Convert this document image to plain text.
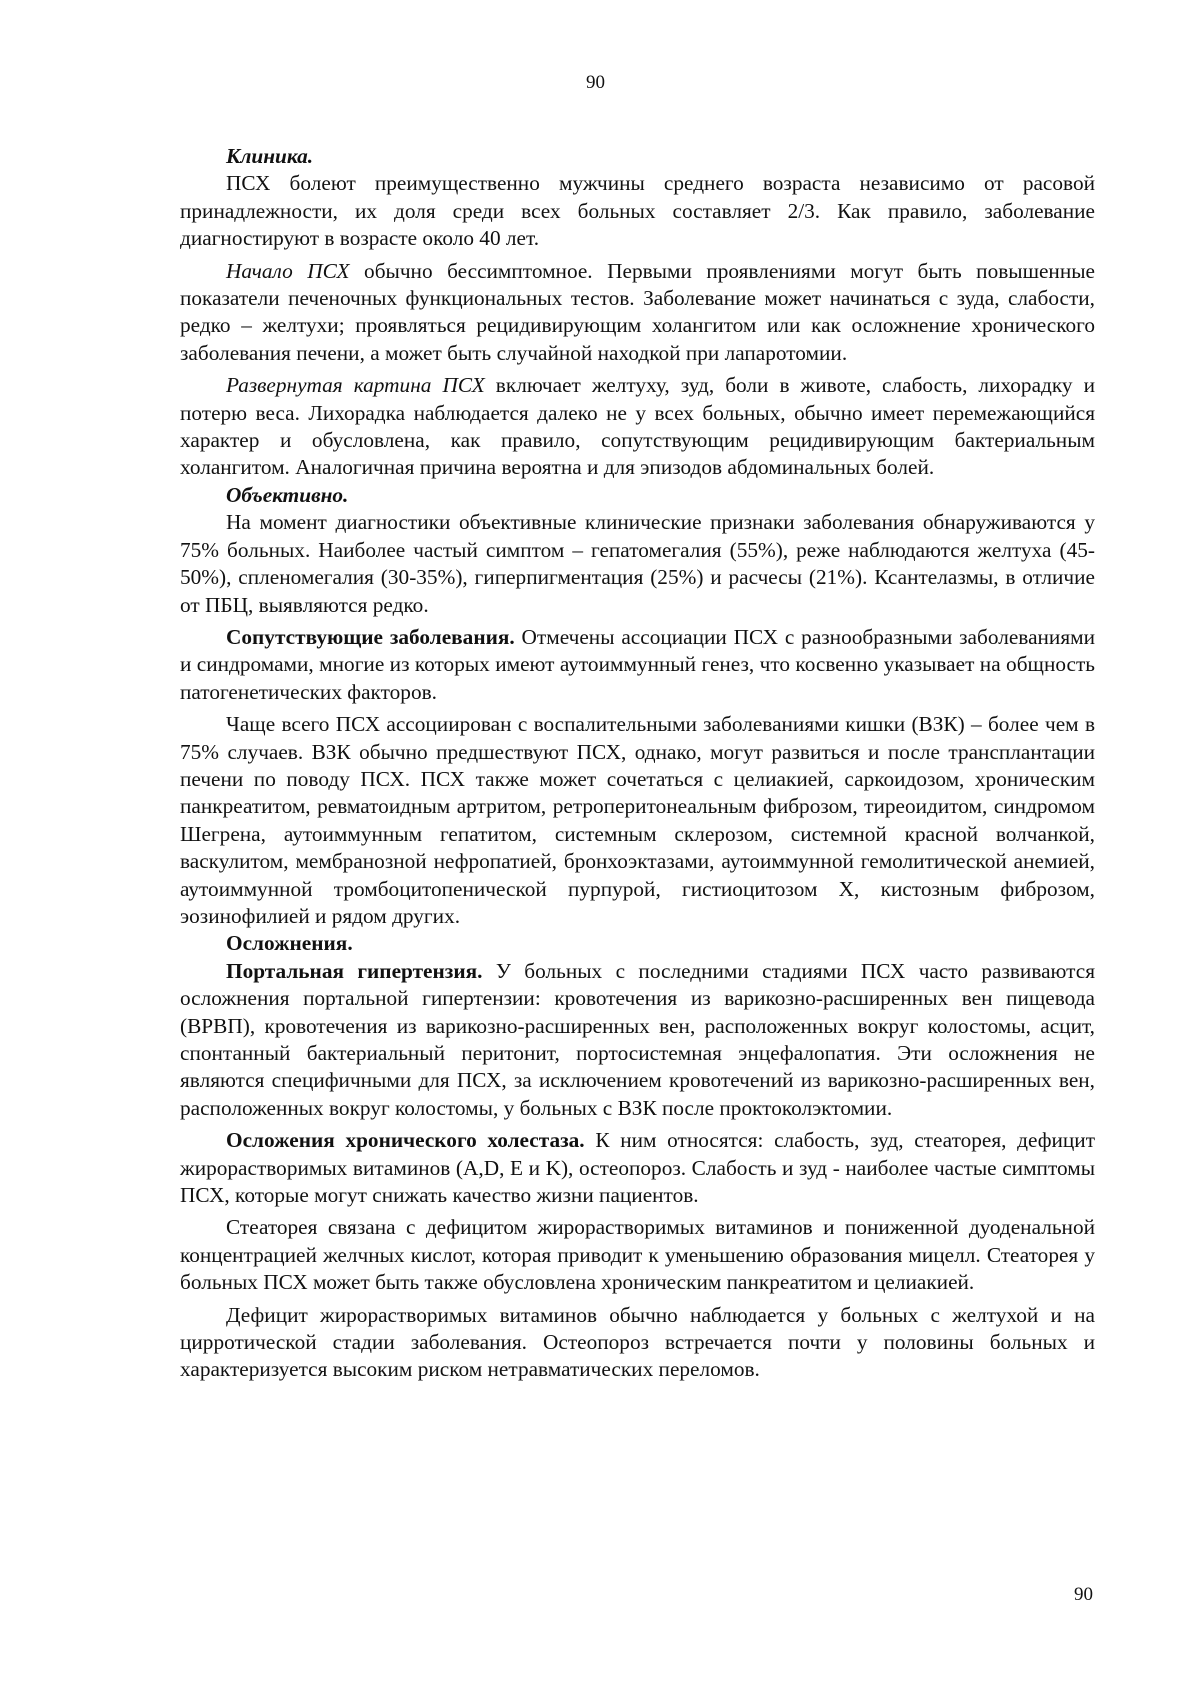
90
Клиника.

ПСХ болеют преимущественно мужчины среднего возраста независимо от расовой принадлежности, их доля среди всех больных составляет 2/3. Как правило, заболевание диагностируют в возрасте около 40 лет.

Начало ПСХ обычно бессимптомное. Первыми проявлениями могут быть повышенные показатели печеночных функциональных тестов. Заболевание может начинаться с зуда, слабости, редко – желтухи; проявляться рецидивирующим холангитом или как осложнение хронического заболевания печени, а может быть случайной находкой при лапаротомии.

Развернутая картина ПСХ включает желтуху, зуд, боли в животе, слабость, лихорадку и потерю веса. Лихорадка наблюдается далеко не у всех больных, обычно имеет перемежающийся характер и обусловлена, как правило, сопутствующим рецидивирующим бактериальным холангитом. Аналогичная причина вероятна и для эпизодов абдоминальных болей.

Объективно.

На момент диагностики объективные клинические признаки заболевания обнаруживаются у 75% больных. Наиболее частый симптом – гепатомегалия (55%), реже наблюдаются желтуха (45-50%), спленомегалия (30-35%), гиперпигментация (25%) и расчесы (21%). Ксантелазмы, в отличие от ПБЦ, выявляются редко.

Сопутствующие заболевания. Отмечены ассоциации ПСХ с разнообразными заболеваниями и синдромами, многие из которых имеют аутоиммунный генез, что косвенно указывает на общность патогенетических факторов.

Чаще всего ПСХ ассоциирован с воспалительными заболеваниями кишки (ВЗК) – более чем в 75% случаев. ВЗК обычно предшествуют ПСХ, однако, могут развиться и после трансплантации печени по поводу ПСХ. ПСХ также может сочетаться с целиакией, саркоидозом, хроническим панкреатитом, ревматоидным артритом, ретроперитонеальным фиброзом, тиреоидитом, синдромом Шегрена, аутоиммунным гепатитом, системным склерозом, системной красной волчанкой, васкулитом, мембранозной нефропатией, бронхоэктазами, аутоиммунной гемолитической анемией, аутоиммунной тромбоцитопенической пурпурой, гистиоцитозом Х, кистозным фиброзом, эозинофилией и рядом других.

Осложнения.

Портальная гипертензия. У больных с последними стадиями ПСХ часто развиваются осложнения портальной гипертензии: кровотечения из варикозно-расширенных вен пищевода (ВРВП), кровотечения из варикозно-расширенных вен, расположенных вокруг колостомы, асцит, спонтанный бактериальный перитонит, портосистемная энцефалопатия. Эти осложнения не являются специфичными для ПСХ, за исключением кровотечений из варикозно-расширенных вен, расположенных вокруг колостомы, у больных с ВЗК после проктоколэктомии.

Осложения хронического холестаза. К ним относятся: слабость, зуд, стеаторея, дефицит жирорастворимых витаминов (A,D, E и K), остеопороз. Слабость и зуд - наиболее частые симптомы ПСХ, которые могут снижать качество жизни пациентов.

Стеаторея связана с дефицитом жирорастворимых витаминов и пониженной дуоденальной концентрацией желчных кислот, которая приводит к уменьшению образования мицелл. Стеаторея у больных ПСХ может быть также обусловлена хроническим панкреатитом и целиакией.

Дефицит жирорастворимых витаминов обычно наблюдается у больных с желтухой и на цирротической стадии заболевания. Остеопороз встречается почти у половины больных и характеризуется высоким риском нетравматических переломов.

90
